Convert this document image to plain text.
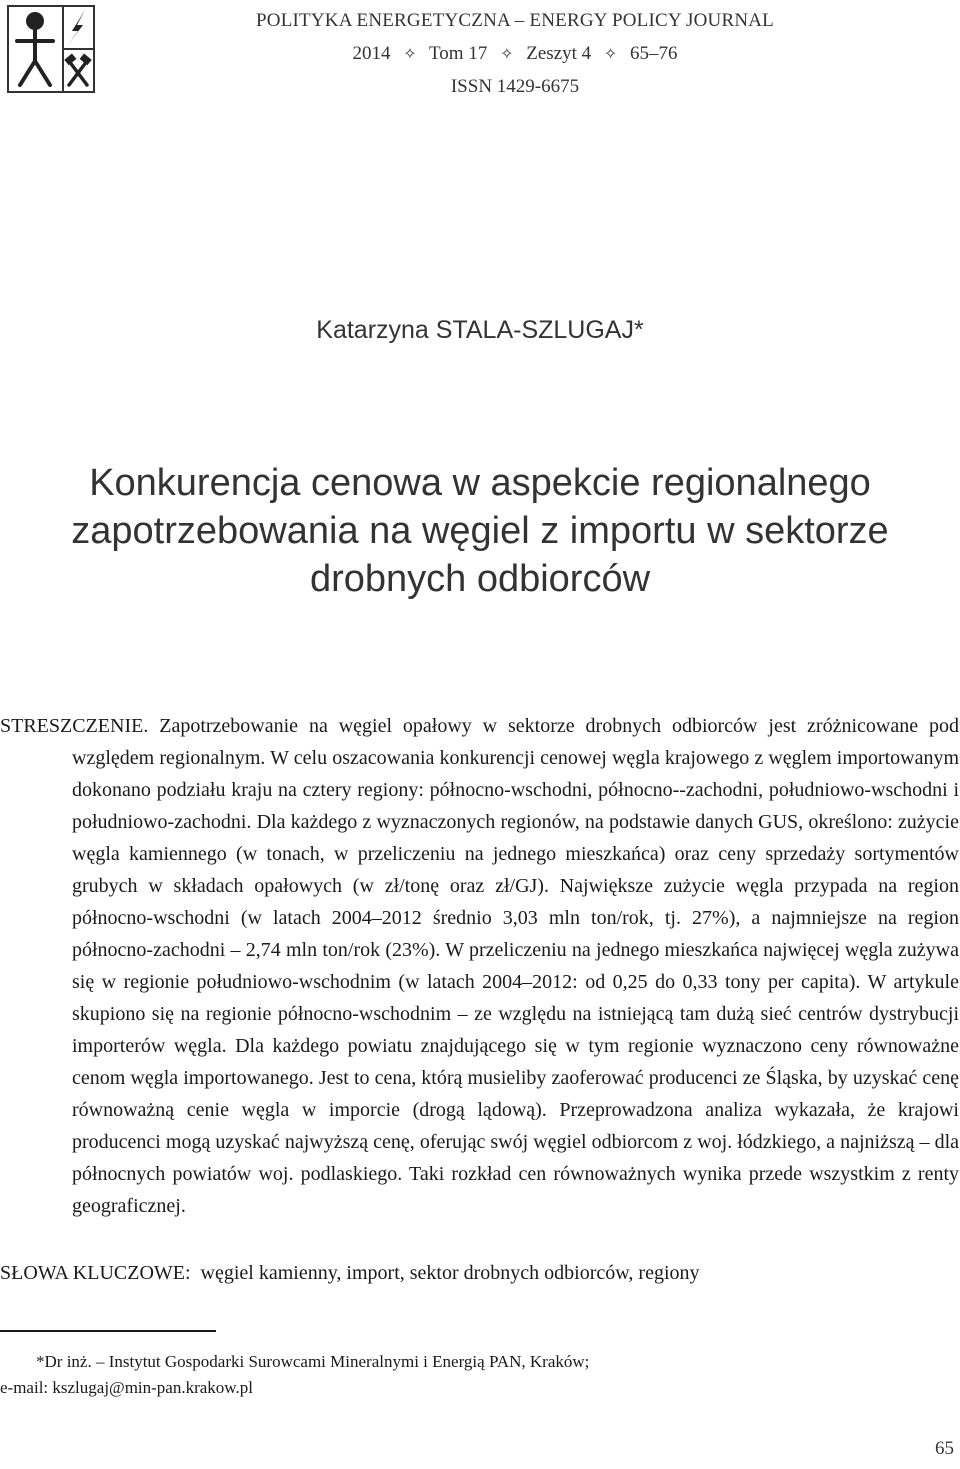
POLITYKA ENERGETYCZNA – ENERGY POLICY JOURNAL
2014 ✧ Tom 17 ✧ Zeszyt 4 ✧ 65–76
ISSN 1429-6675
Katarzyna STALA-SZLUGAJ*
Konkurencja cenowa w aspekcie regionalnego
zapotrzebowania na węgiel z importu w sektorze
drobnych odbiorców

STRESZCZENIE. Zapotrzebowanie na węgiel opałowy w sektorze drobnych odbiorców jest zróżnicowane pod względem regionalnym. W celu oszacowania konkurencji cenowej węgla krajowego z węglem importowanym dokonano podziału kraju na cztery regiony: północno-wschodni, północno--zachodni, południowo-wschodni i południowo-zachodni. Dla każdego z wyznaczonych regionów, na podstawie danych GUS, określono: zużycie węgla kamiennego (w tonach, w przeliczeniu na jednego mieszkańca) oraz ceny sprzedaży sortymentów grubych w składach opałowych (w zł/tonę oraz zł/GJ). Największe zużycie węgla przypada na region północno-wschodni (w latach 2004–2012 średnio 3,03 mln ton/rok, tj. 27%), a najmniejsze na region północno-zachodni – 2,74 mln ton/rok (23%). W przeliczeniu na jednego mieszkańca najwięcej węgla zużywa się w regionie południowo-wschodnim (w latach 2004–2012: od 0,25 do 0,33 tony per capita). W artykule skupiono się na regionie północno-wschodnim – ze względu na istniejącą tam dużą sieć centrów dystrybucji importerów węgla. Dla każdego powiatu znajdującego się w tym regionie wyznaczono ceny równoważne cenom węgla importowanego. Jest to cena, którą musieliby zaoferować producenci ze Śląska, by uzyskać cenę równoważną cenie węgla w imporcie (drogą lądową). Przeprowadzona analiza wykazała, że krajowi producenci mogą uzyskać najwyższą cenę, oferując swój węgiel odbiorcom z woj. łódzkiego, a najniższą – dla północnych powiatów woj. podlaskiego. Taki rozkład cen równoważnych wynika przede wszystkim z renty geograficznej.

SŁOWA KLUCZOWE: węgiel kamienny, import, sektor drobnych odbiorców, regiony
*Dr inż. – Instytut Gospodarki Surowcami Mineralnymi i Energią PAN, Kraków;
e-mail: kszlugaj@min-pan.krakow.pl
65
